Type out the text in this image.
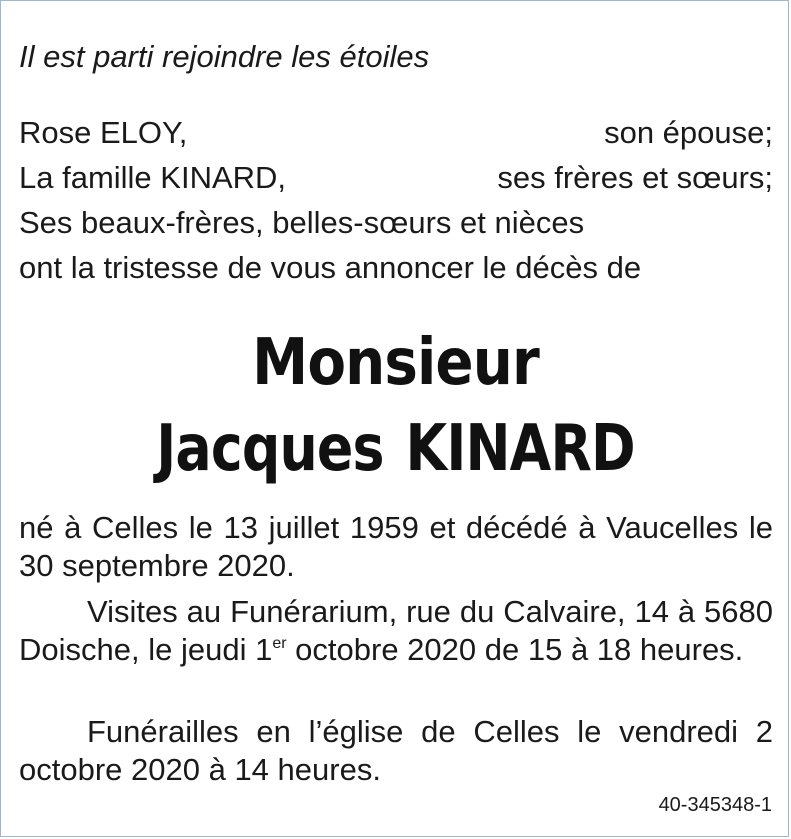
Il est parti rejoindre les étoiles
Rose ELOY,	son épouse;
La famille KINARD,	ses frères et sœurs;
Ses beaux-frères, belles-sœurs et nièces
ont la tristesse de vous annoncer le décès de
Monsieur
Jacques KINARD
né à Celles le 13 juillet 1959 et décédé à Vaucelles le 30 septembre 2020.
Visites au Funérarium, rue du Calvaire, 14 à 5680 Doische, le jeudi 1er octobre 2020 de 15 à 18 heures.
Funérailles en l’église de Celles le vendredi 2 octobre 2020 à 14 heures.
40-345348-1
